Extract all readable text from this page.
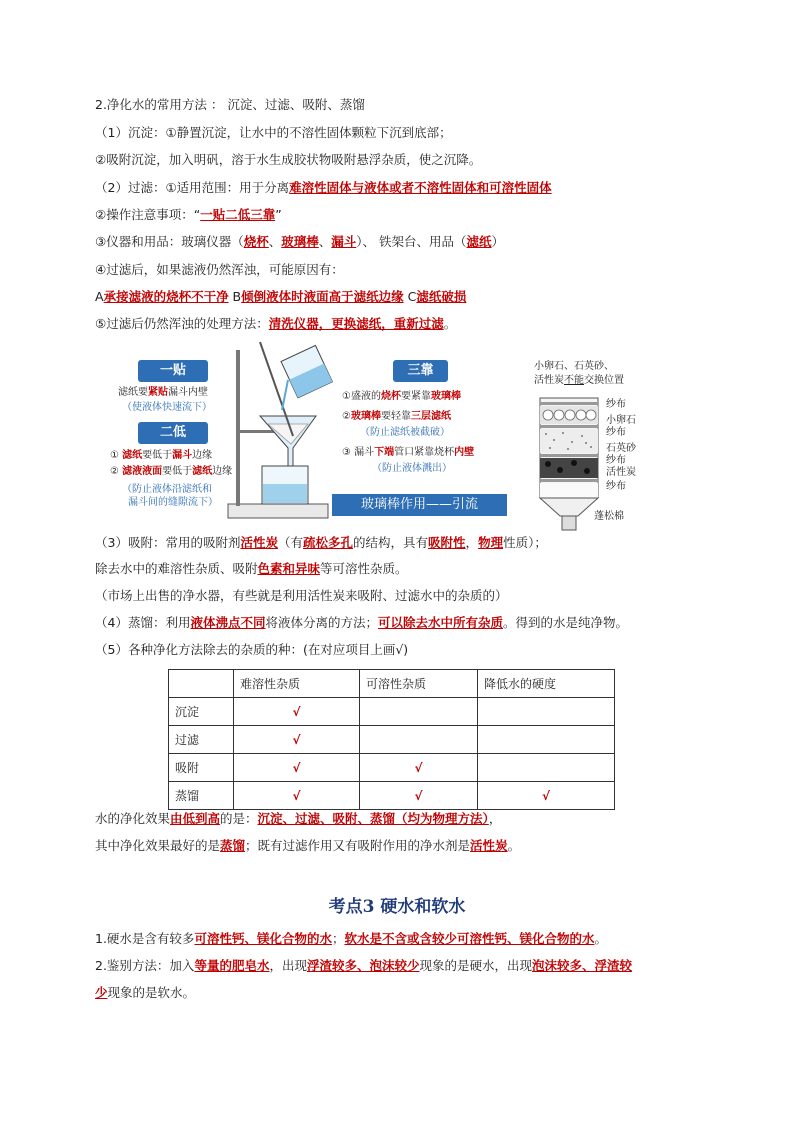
2.净化水的常用方法 ： 沉淀、过滤、吸附、蒸馏
（1）沉淀：①静置沉淀，让水中的不溶性固体颗粒下沉到底部；
②吸附沉淀，加入明矾，溶于水生成胶状物吸附悬浮杂质，使之沉降。
（2）过滤：①适用范围：用于分离难溶性固体与液体或者不溶性固体和可溶性固体
②操作注意事项：“一贴二低三靠”
③仪器和用品：玻璃仪器（烧杯、玻璃棒、漏斗）、 铁架台、用品（滤纸）
④过滤后，如果滤液仍然浑浊，可能原因有：
A承接滤液的烧杯不干净 B倾倒液体时液面高于滤纸边缘 C滤纸破损
⑤过滤后仍然浑浊的处理方法：清洗仪器，更换滤纸，重新过滤。
一贴
滤纸要紧贴漏斗内壁
（使液体快速流下）
二低
① 滤纸要低于漏斗边缘
② 滤液液面要低于滤纸边缘
（防止液体沿滤纸和
漏斗间的缝隙流下）
三靠
①盛液的烧杯要紧靠玻璃棒
②玻璃棒要轻靠三层滤纸
（防止滤纸被截破）
③ 漏斗下端管口紧靠烧杯内壁
（防止液体溅出）
玻璃棒作用——引流
小卵石、石英砂、
活性炭不能交换位置
纱布
小卵石
纱布
石英砂
纱布
活性炭
纱布
蓬松棉
（3）吸附：常用的吸附剂活性炭（有疏松多孔的结构，具有吸附性，物理性质）；
除去水中的难溶性杂质、吸附色素和异味等可溶性杂质。
（市场上出售的净水器，有些就是利用活性炭来吸附、过滤水中的杂质的）
（4）蒸馏：利用液体沸点不同将液体分离的方法；可以除去水中所有杂质。得到的水是纯净物。
（5）各种净化方法除去的杂质的种：(在对应项目上画√)
	难溶性杂质	可溶性杂质	降低水的硬度
沉淀	√		
过滤	√		
吸附	√	√	
蒸馏	√	√	√
水的净化效果由低到高的是：沉淀、过滤、吸附、蒸馏（均为物理方法），
其中净化效果最好的是蒸馏；既有过滤作用又有吸附作用的净水剂是活性炭。
考点3 硬水和软水
1.硬水是含有较多可溶性钙、镁化合物的水；软水是不含或含较少可溶性钙、镁化合物的水。
2.鉴别方法：加入等量的肥皂水，出现浮渣较多、泡沫较少现象的是硬水，出现泡沫较多、浮渣较
少现象的是软水。
